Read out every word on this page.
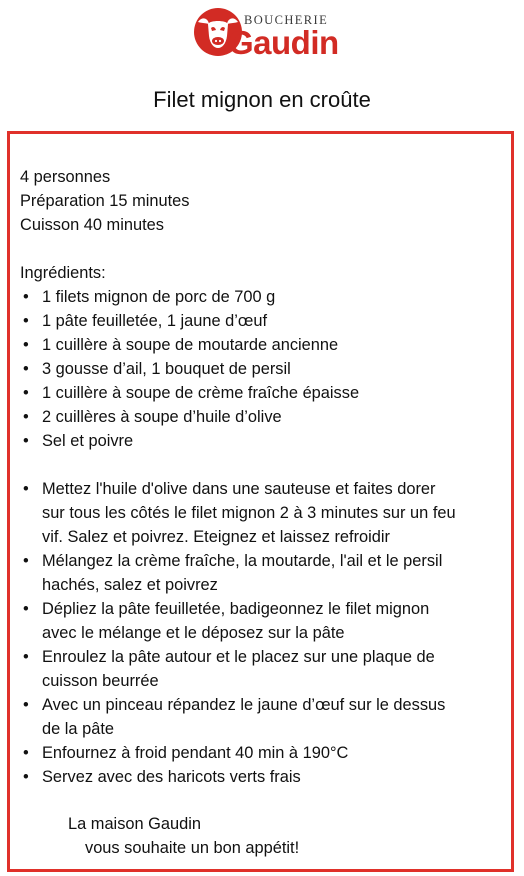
BOUCHERIE
Gaudin
Filet mignon en croûte
4 personnes
Préparation 15 minutes
Cuisson 40 minutes
Ingrédients:
• 1 filets mignon de porc de 700 g
• 1 pâte feuilletée, 1 jaune d’œuf
• 1 cuillère à soupe de moutarde ancienne
• 3 gousse d’ail, 1 bouquet de persil
• 1 cuillère à soupe de crème fraîche épaisse
• 2 cuillères à soupe d’huile d’olive
• Sel et poivre
• Mettez l'huile d'olive dans une sauteuse et faites dorer
sur tous les côtés le filet mignon 2 à 3 minutes sur un feu
vif. Salez et poivrez. Eteignez et laissez refroidir
• Mélangez la crème fraîche, la moutarde, l'ail et le persil
hachés, salez et poivrez
• Dépliez la pâte feuilletée, badigeonnez le filet mignon
avec le mélange et le déposez sur la pâte
• Enroulez la pâte autour et le placez sur une plaque de
cuisson beurrée
• Avec un pinceau répandez le jaune d’œuf sur le dessus
de la pâte
• Enfournez à froid pendant 40 min à 190°C
• Servez avec des haricots verts frais
La maison Gaudin
vous souhaite un bon appétit!
